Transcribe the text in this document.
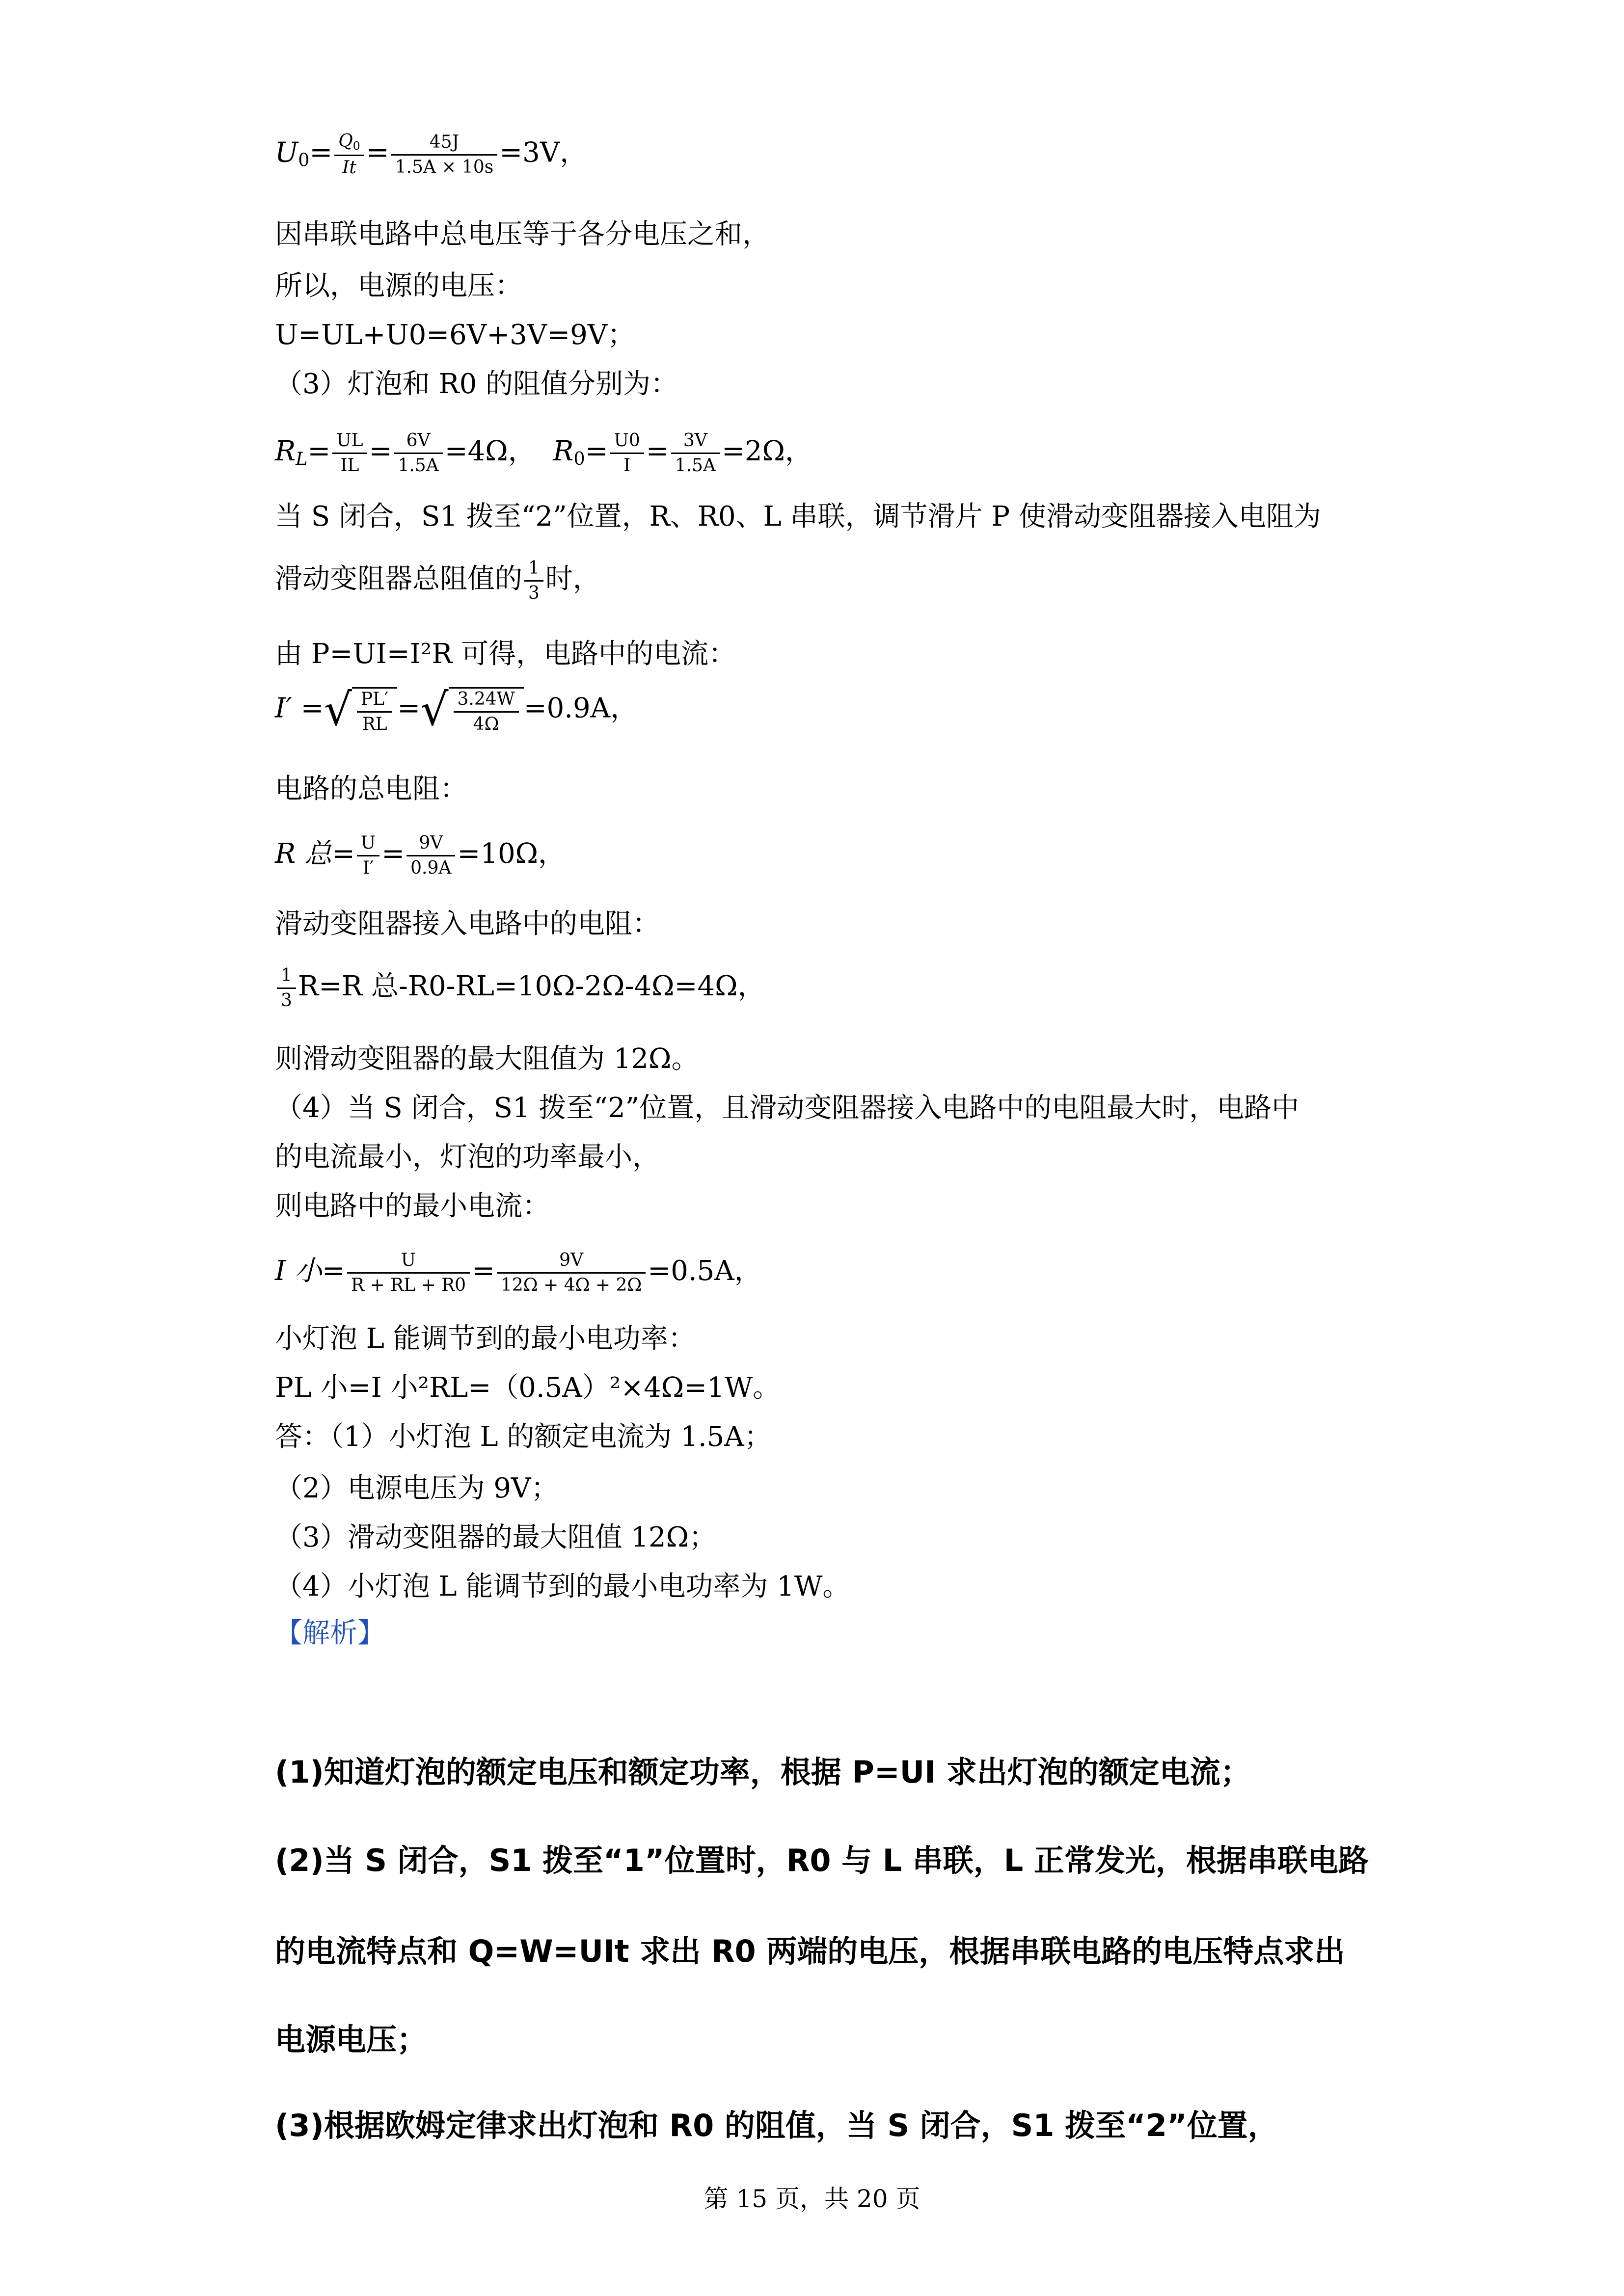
$U_0= \frac{Q_0}{It} = \frac{45J}{1.5A \times 10s} =3V$，
因串联电路中总电压等于各分电压之和，
所以，电源的电压：
U=UL+U0=6V+3V=9V；
（3）灯泡和 R0 的阻值分别为：
$R_L= \frac{UL}{IL} = \frac{6V}{1.5A} =4\Omega$， $R_0= \frac{U0}{I} = \frac{3V}{1.5A} =2\Omega$，
当 S 闭合，S1 拨至“2”位置，R、R0、L 串联，调节滑片 P 使滑动变阻器接入电阻为
滑动变阻器总阻值的 $\frac{1}{3}$ 时，
由 P=UI=I²R 可得，电路中的电流：
I′ =√ $\frac{PL'}{RL}$ =√ $\frac{3.24W}{4\Omega} =0.9A$，
电路的总电阻：
R 总= $\frac{U}{I'} = \frac{9V}{0.9A} =10\Omega$，
滑动变阻器接入电路中的电阻：
$\frac{1}{3} R=R$ 总-R0-RL=10Ω-2Ω-4Ω=4Ω，
则滑动变阻器的最大阻值为 12Ω。
（4）当 S 闭合，S1 拨至“2”位置，且滑动变阻器接入电路中的电阻最大时，电路中
的电流最小，灯泡的功率最小，
则电路中的最小电流：
I 小= $\frac{U}{R + RL + R0} = \frac{9V}{12\Omega + 4\Omega + 2\Omega} =0.5A$，
小灯泡 L 能调节到的最小电功率：
PL 小=I 小²RL=（0.5A）²×4Ω=1W。
答：（1）小灯泡 L 的额定电流为 1.5A；
（2）电源电压为 9V；
（3）滑动变阻器的最大阻值 12Ω；
（4）小灯泡 L 能调节到的最小电功率为 1W。
【解析】
(1)知道灯泡的额定电压和额定功率，根据 P=UI 求出灯泡的额定电流；
(2)当 S 闭合，S1 拨至“1”位置时，R0 与 L 串联，L 正常发光，根据串联电路
的电流特点和 Q=W=UIt 求出 R0 两端的电压，根据串联电路的电压特点求出
电源电压；
(3)根据欧姆定律求出灯泡和 R0 的阻值，当 S 闭合，S1 拨至“2”位置，
第 15 页，共 20 页
